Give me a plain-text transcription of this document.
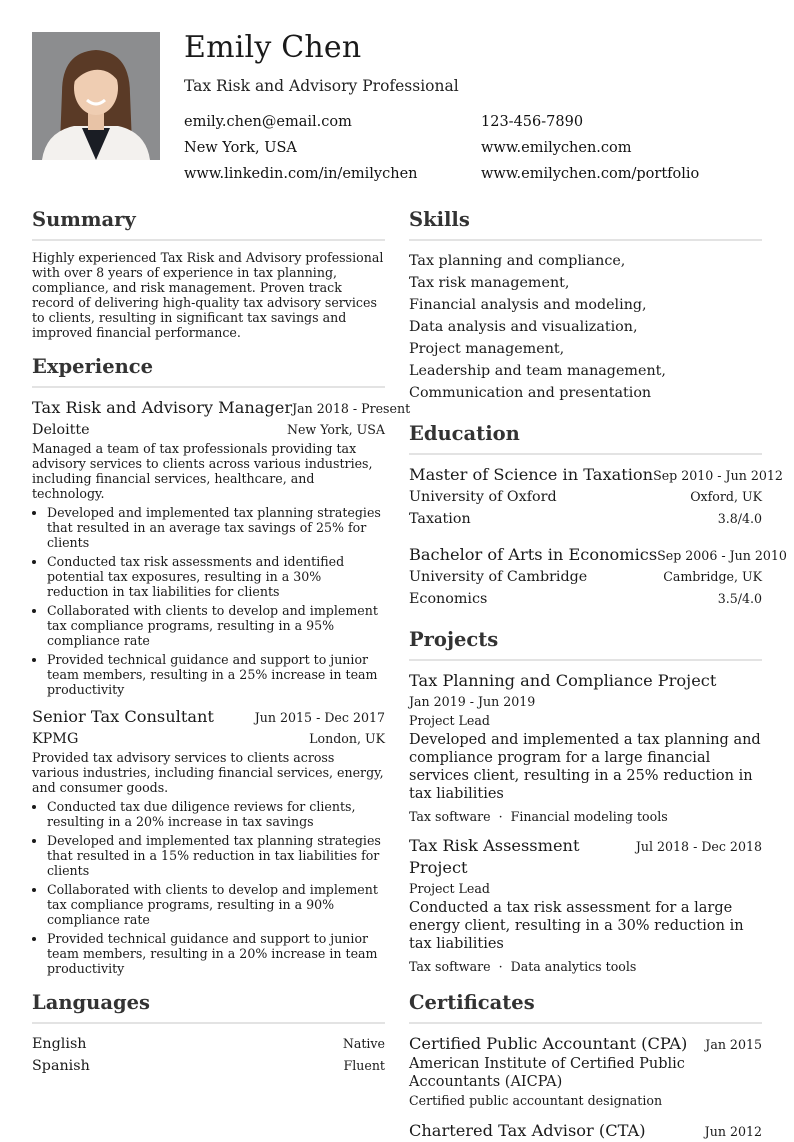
Emily Chen
Tax Risk and Advisory Professional
emily.chen@email.com	123-456-7890
New York, USA	www.emilychen.com
www.linkedin.com/in/emilychen	www.emilychen.com/portfolio
Summary

Highly experienced Tax Risk and Advisory professional with over 8 years of experience in tax planning, compliance, and risk management. Proven track record of delivering high-quality tax advisory services to clients, resulting in significant tax savings and improved financial performance.

Experience
Tax Risk and Advisory Manager Jan 2018 - Present
Deloitte	New York, USA

Managed a team of tax professionals providing tax advisory services to clients across various industries, including financial services, healthcare, and technology.

• Developed and implemented tax planning strategies that resulted in an average tax savings of 25% for clients
• Conducted tax risk assessments and identified potential tax exposures, resulting in a 30% reduction in tax liabilities for clients
• Collaborated with clients to develop and implement tax compliance programs, resulting in a 95% compliance rate
• Provided technical guidance and support to junior team members, resulting in a 25% increase in team productivity
Senior Tax Consultant	Jun 2015 - Dec 2017
KPMG	London, UK

Provided tax advisory services to clients across various industries, including financial services, energy, and consumer goods.

• Conducted tax due diligence reviews for clients, resulting in a 20% increase in tax savings
• Developed and implemented tax planning strategies that resulted in a 15% reduction in tax liabilities for clients
• Collaborated with clients to develop and implement tax compliance programs, resulting in a 90% compliance rate
• Provided technical guidance and support to junior team members, resulting in a 20% increase in team productivity
Languages
English	Native
Spanish	Fluent
Skills
Tax planning and compliance,
Tax risk management,
Financial analysis and modeling,
Data analysis and visualization,
Project management,
Leadership and team management,
Communication and presentation
Education
Master of Science in Taxation Sep 2010 - Jun 2012
University of Oxford	Oxford, UK
Taxation	3.8/4.0
Bachelor of Arts in Economics Sep 2006 - Jun 2010
University of Cambridge	Cambridge, UK
Economics	3.5/4.0
Projects
Tax Planning and Compliance Project
Jan 2019 - Jun 2019
Project Lead

Developed and implemented a tax planning and compliance program for a large financial services client, resulting in a 25% reduction in tax liabilities

Tax software · Financial modeling tools
Tax Risk Assessment Project
Jul 2018 - Dec 2018
Project Lead

Conducted a tax risk assessment for a large energy client, resulting in a 30% reduction in tax liabilities

Tax software · Data analytics tools
Certificates
Certified Public Accountant (CPA) Jan 2015
American Institute of Certified Public Accountants (AICPA)
Certified public accountant designation
Chartered Tax Advisor (CTA)	Jun 2012
